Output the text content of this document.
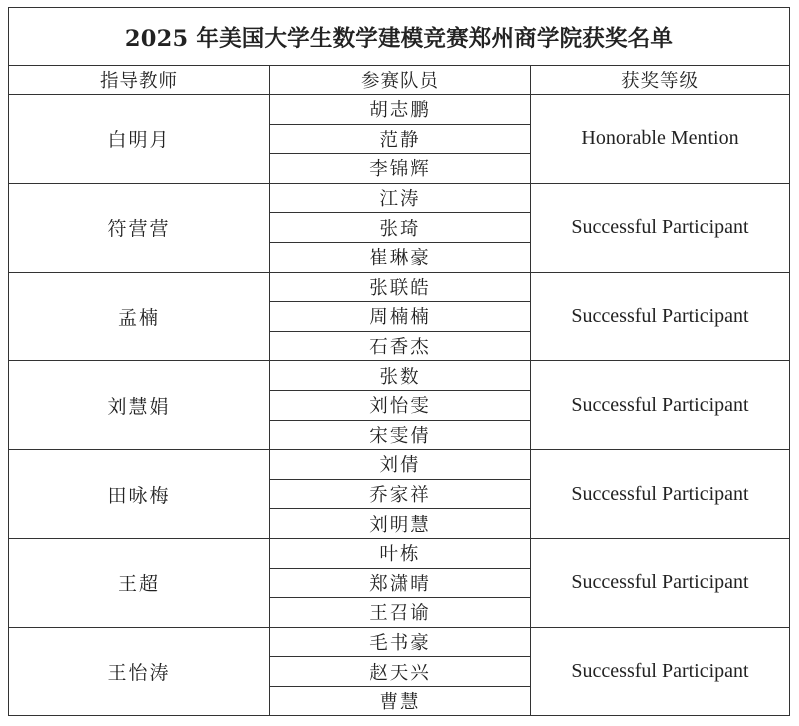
2025 年美国大学生数学建模竞赛郑州商学院获奖名单		
指导教师	参赛队员	获奖等级
白明月	胡志鹏	Honorable Mention
	范静	
	李锦辉	
符营营	江涛	Successful Participant
	张琦	
	崔琳豪	
孟楠	张联皓	Successful Participant
	周楠楠	
	石香杰	
刘慧娟	张数	Successful Participant
	刘怡雯	
	宋雯倩	
田咏梅	刘倩	Successful Participant
	乔家祥	
	刘明慧	
王超	叶栋	Successful Participant
	郑潇晴	
	王召谕	
王怡涛	毛书豪	Successful Participant
	赵天兴	
	曹慧	
